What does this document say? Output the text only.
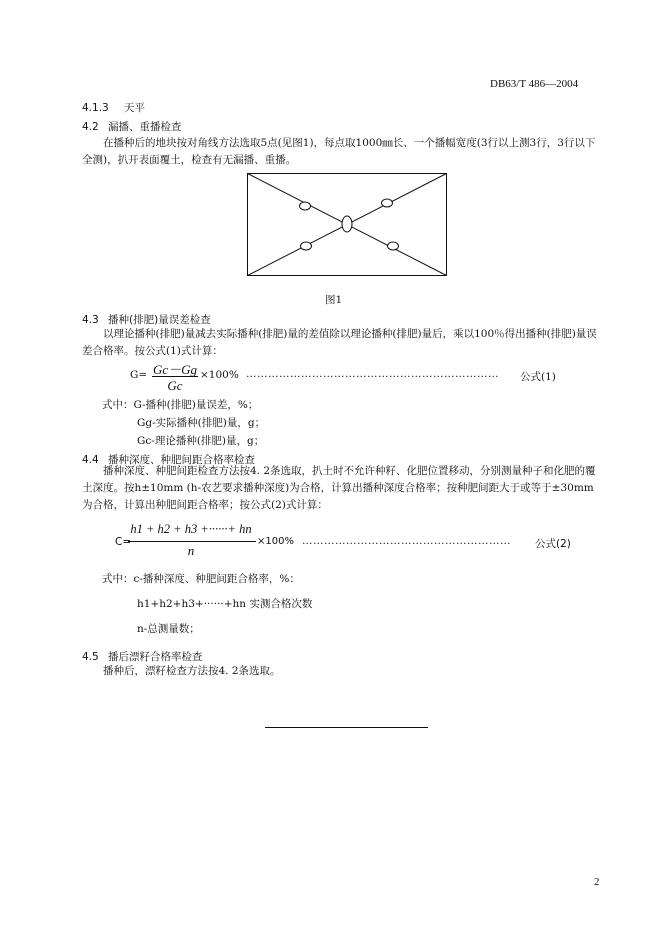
DB63/T 486—2004
4.1.3 天平
4.2 漏播、重播检查
在播种后的地块按对角线方法选取5点(见图1)，每点取1000㎜长、一个播幅宽度(3行以上测3行，3行以下全测)，扒开表面覆土，检查有无漏播、重播。
图1
4.3 播种(排肥)量误差检查
以理论播种(排肥)量减去实际播种(排肥)量的差值除以理论播种(排肥)量后，乘以100％得出播种(排肥)量误差合格率。按公式(1)式计算：
G= Gc－Gg
Gc
×100% ……………………………………………………………	公式(1)
式中：G-播种(排肥)量误差，%；
Gg-实际播种(排肥)量，g；
Gc-理论播种(排肥)量，g；
4.4 播种深度、种肥间距合格率检查
播种深度、种肥间距检查方法按4. 2条选取，扒土时不允许种籽、化肥位置移动，分别测量种子和化肥的覆土深度。按h±10mm (h-农艺要求播种深度)为合格，计算出播种深度合格率；按种肥间距大于或等于±30mm为合格，计算出种肥间距合格率；按公式(2)式计算：
C=
h1 + h2 + h3 +······+ hn
n
×100% …………………………………………………	公式(2)
式中：c-播种深度、种肥间距合格率，%：
h1+h2+h3+······+hn 实测合格次数
n-总测量数；
4.5 播后漂籽合格率检查
播种后，漂籽检查方法按4. 2条选取。
2
